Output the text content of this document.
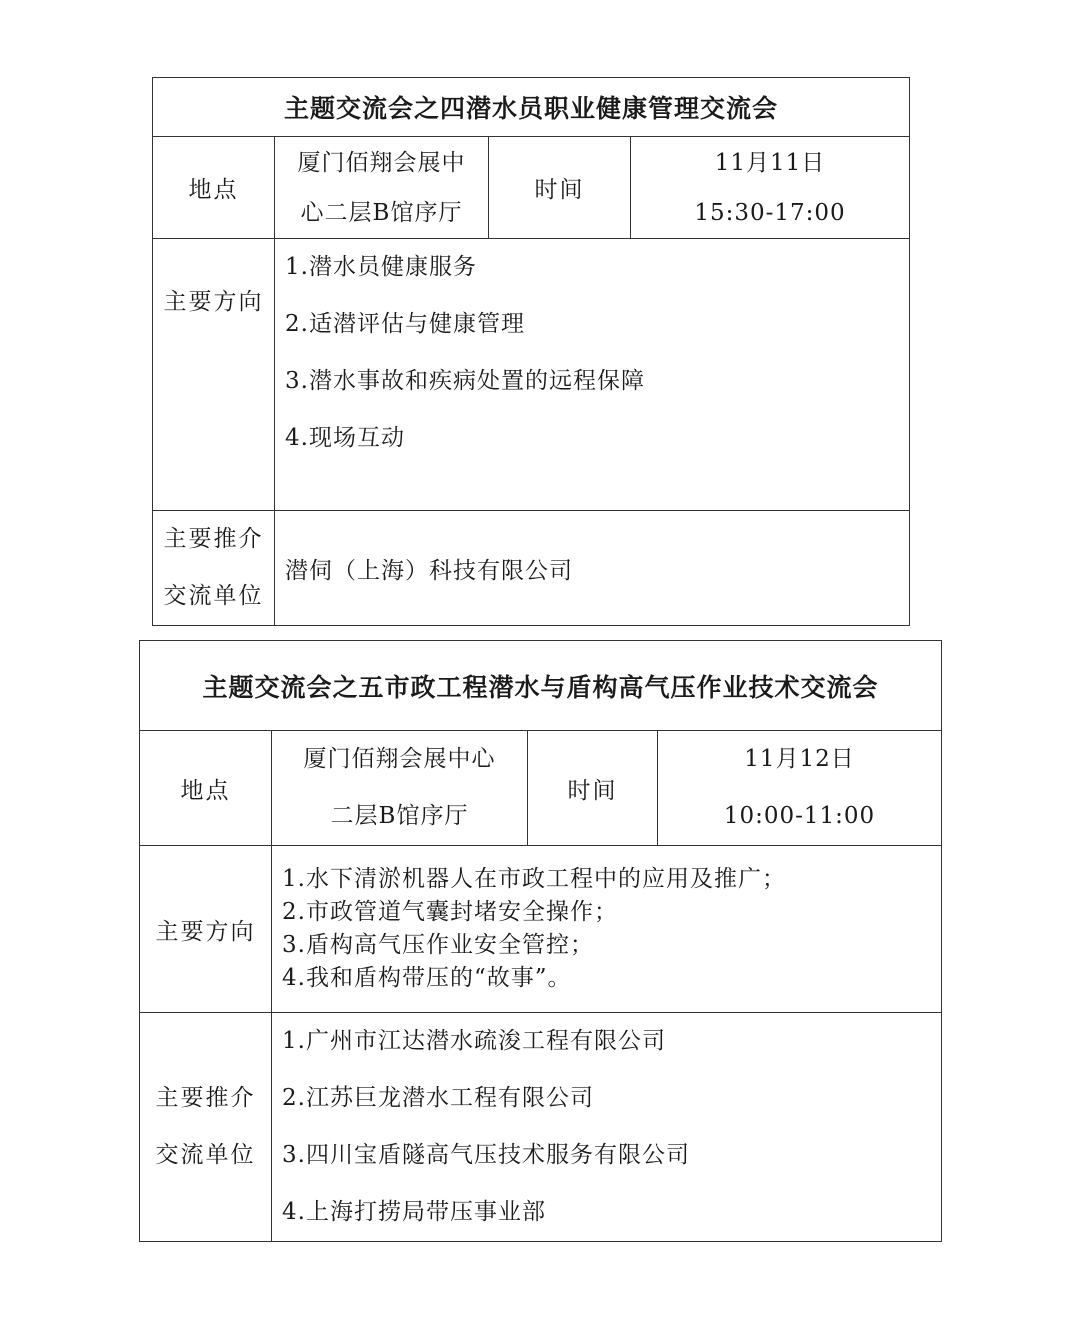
主题交流会之四潜水员职业健康管理交流会			
地点	厦门佰翔会展中
心二层B馆序厅	时间	11月11日
15:30-17:00

主要方向	1.潜水员健康服务
2.适潜评估与健康管理
3.潜水事故和疾病处置的远程保障
4.现场互动		

主要推介
交流单位	潜伺（上海）科技有限公司		
主题交流会之五市政工程潜水与盾构高气压作业技术交流会			
地点	厦门佰翔会展中心
二层B馆序厅	时间	11月12日
10:00-11:00

主要方向	1.水下清淤机器人在市政工程中的应用及推广；
2.市政管道气囊封堵安全操作；
3.盾构高气压作业安全管控；
4.我和盾构带压的“故事”。		

主要推介
交流单位	1.广州市江达潜水疏浚工程有限公司
2.江苏巨龙潜水工程有限公司
3.四川宝盾隧高气压技术服务有限公司
4.上海打捞局带压事业部		
